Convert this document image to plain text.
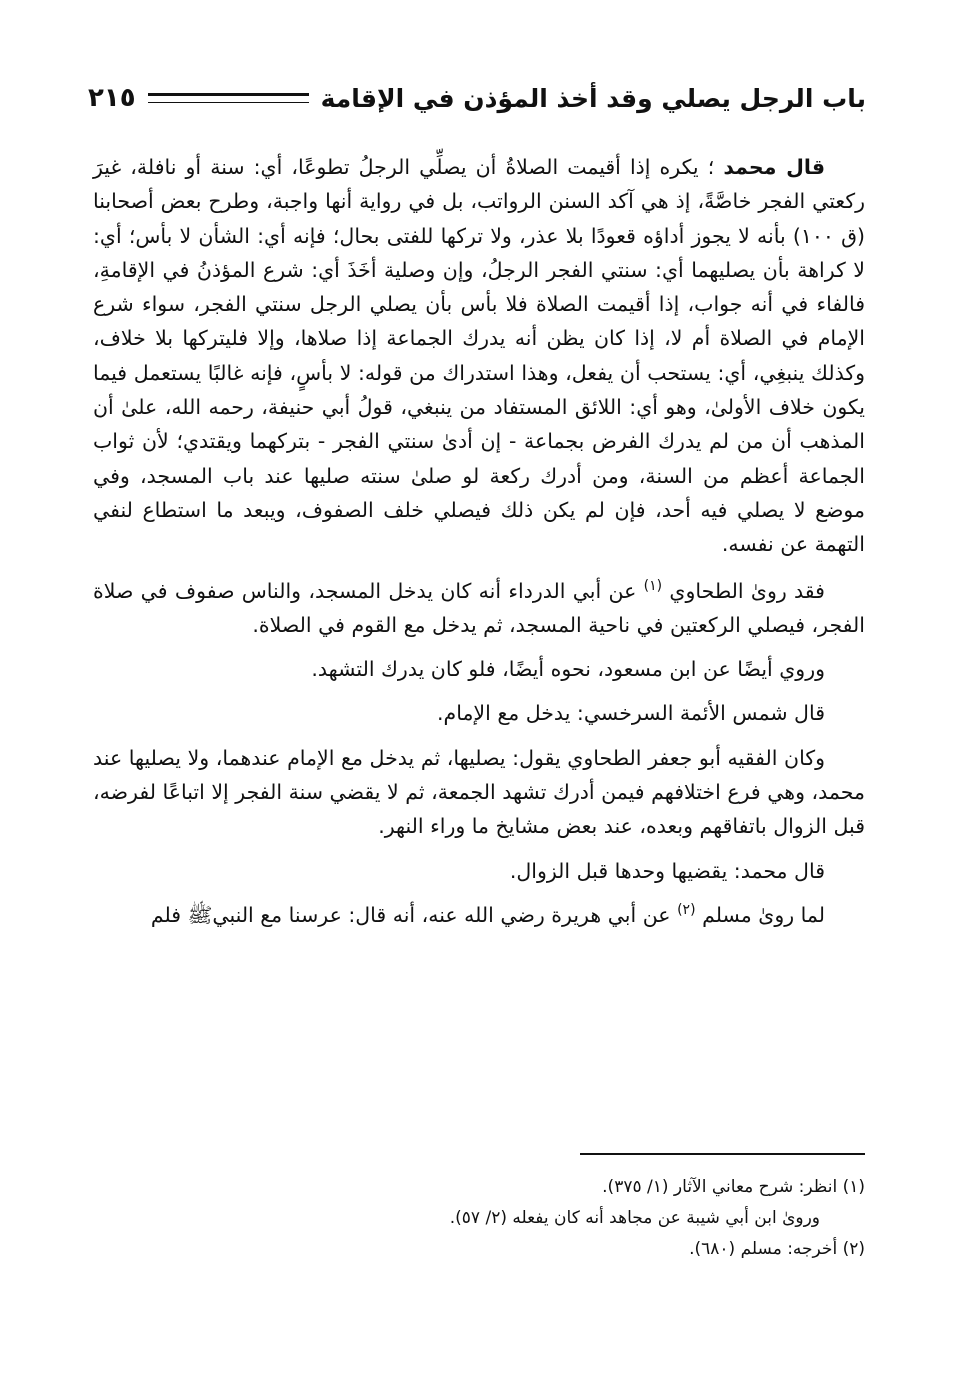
باب الرجل يصلي وقد أخذ المؤذن في الإقامة
٢١٥

قال محمد ؛ يكره إذا أقيمت الصلاةُ أن يصلِّي الرجلُ تطوعًا، أي: سنة أو نافلة، غيرَ ركعتي الفجر خاصَّةً، إذ هي آكد السنن الرواتب، بل في رواية أنها واجبة، وطرح بعض أصحابنا (ق ١٠٠) بأنه لا يجوز أداؤه قعودًا بلا عذر، ولا تركها للفتى بحال؛ فإنه أي: الشأن لا بأس؛ أي: لا كراهة بأن يصليهما أي: سنتي الفجر الرجلُ، وإن وصلية أخَذَ أي: شرع المؤذنُ في الإقامةِ، فالفاء في أنه جواب، إذا أقيمت الصلاة فلا بأس بأن يصلي الرجل سنتي الفجر، سواء شرع الإمام في الصلاة أم لا، إذا كان يظن أنه يدرك الجماعة إذا صلاها، وإلا فليتركها بلا خلاف، وكذلك ينبغِي، أي: يستحب أن يفعل، وهذا استدراك من قوله: لا بأسٍ، فإنه غالبًا يستعمل فيما يكون خلاف الأولىٰ، وهو أي: اللائق المستفاد من ينبغي، قولُ أبي حنيفة، رحمه الله، علىٰ أن المذهب أن من لم يدرك الفرض بجماعة - إن أدىٰ سنتي الفجر - بتركهما ويقتدي؛ لأن ثواب الجماعة أعظم من السنة، ومن أدرك ركعة لو صلىٰ سنته صليها عند باب المسجد، وفي موضع لا يصلي فيه أحد، فإن لم يكن ذلك فيصلي خلف الصفوف، ويبعد ما استطاع لنفي التهمة عن نفسه.

فقد روىٰ الطحاوي $^{(١)}$ عن أبي الدرداء أنه كان يدخل المسجد، والناس صفوف في صلاة الفجر، فيصلي الركعتين في ناحية المسجد، ثم يدخل مع القوم في الصلاة.

وروي أيضًا عن ابن مسعود، نحوه أيضًا، فلو كان يدرك التشهد.

قال شمس الأئمة السرخسي: يدخل مع الإمام.

وكان الفقيه أبو جعفر الطحاوي يقول: يصليها، ثم يدخل مع الإمام عندهما، ولا يصليها عند محمد، وهي فرع اختلافهم فيمن أدرك تشهد الجمعة، ثم لا يقضي سنة الفجر إلا اتباعًا لفرضه، قبل الزوال باتفاقهم وبعده، عند بعض مشايخ ما وراء النهر.

قال محمد: يقضيها وحدها قبل الزوال.

لما روىٰ مسلم $^{(٢)}$ عن أبي هريرة رضي الله عنه، أنه قال: عرسنا مع النبيﷺ فلم

(١) انظر: شرح معاني الآثار (١/ ٣٧٥).
وروىٰ ابن أبي شيبة عن مجاهد أنه كان يفعله (٢/ ٥٧).
(٢) أخرجه: مسلم (٦٨٠).
